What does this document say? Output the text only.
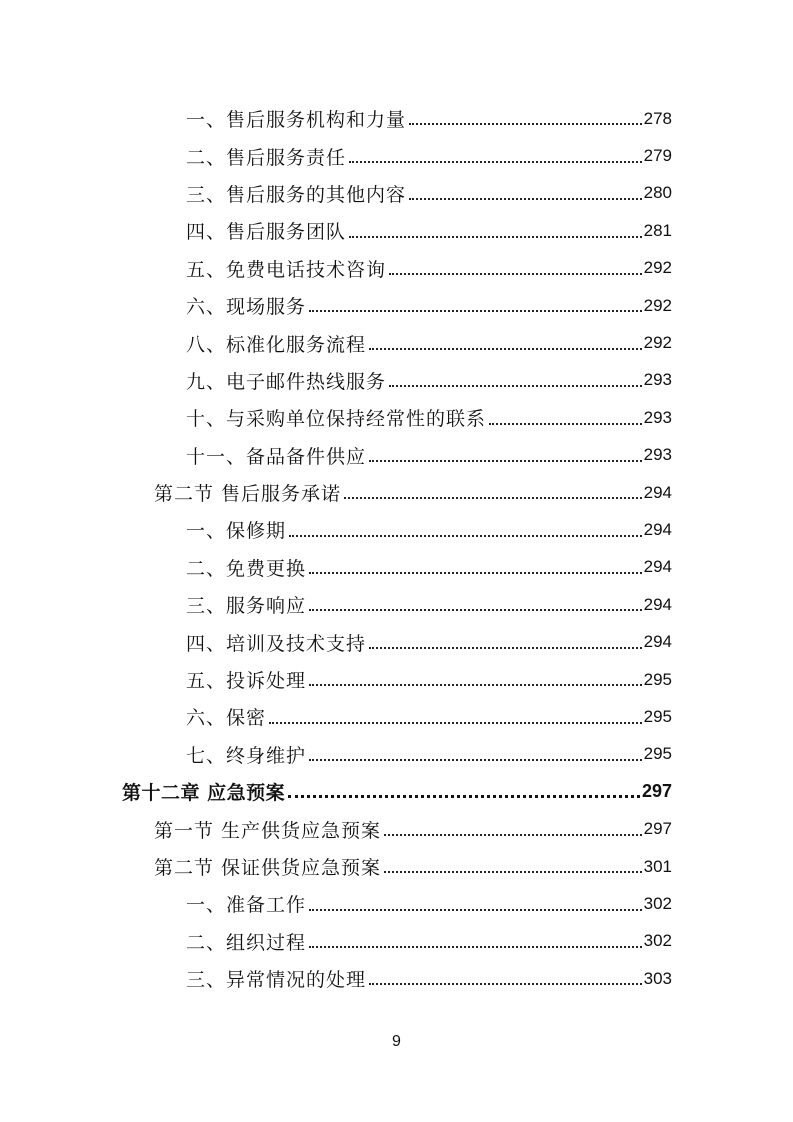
一、售后服务机构和力量	278
二、售后服务责任	279
三、售后服务的其他内容	280
四、售后服务团队	281
五、免费电话技术咨询	292
六、现场服务	292
八、标准化服务流程	292
九、电子邮件热线服务	293
十、与采购单位保持经常性的联系	293
十一、备品备件供应	293
第二节 售后服务承诺	294
一、保修期	294
二、免费更换	294
三、服务响应	294
四、培训及技术支持	294
五、投诉处理	295
六、保密	295
七、终身维护	295
第十二章 应急预案	297
第一节 生产供货应急预案	297
第二节 保证供货应急预案	301
一、准备工作	302
二、组织过程	302
三、异常情况的处理	303
9
